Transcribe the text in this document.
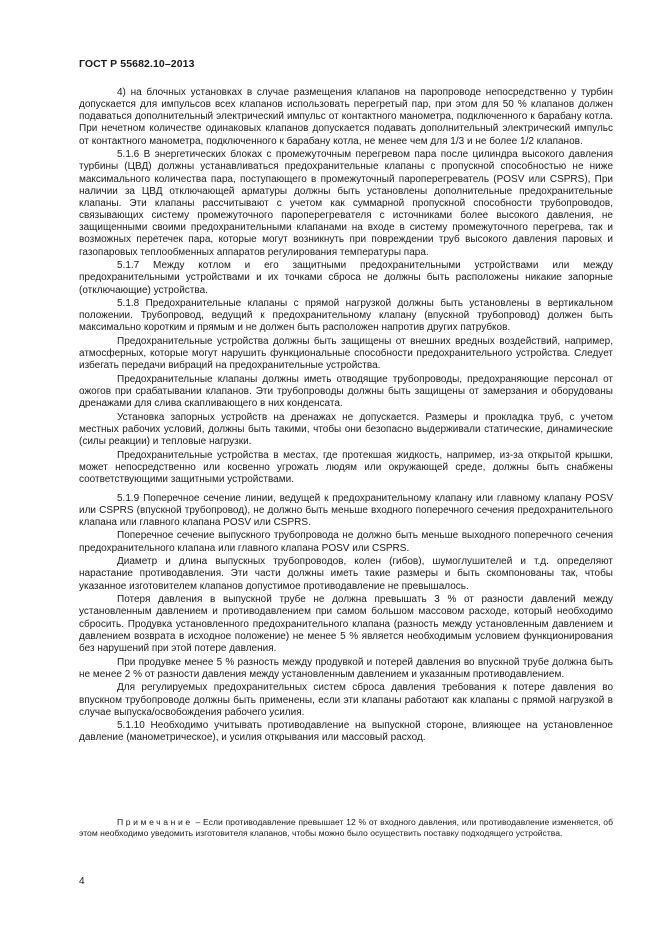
ГОСТ Р 55682.10–2013

4) на блочных установках в случае размещения клапанов на паропроводе непосредственно у турбин допускается для импульсов всех клапанов использовать перегретый пар, при этом для 50 % клапанов должен подаваться дополнительный электрический импульс от контактного манометра, подключенного к барабану котла. При нечетном количестве одинаковых клапанов допускается подавать дополнительный электрический импульс от контактного манометра, подключенного к барабану котла, не менее чем для 1/3 и не более 1/2 клапанов.

5.1.6 В энергетических блоках с промежуточным перегревом пара после цилиндра высокого давления турбины (ЦВД) должны устанавливаться предохранительные клапаны с пропускной способностью не ниже максимального количества пара, поступающего в промежуточный пароперегреватель (POSV или CSPRS), При наличии за ЦВД отключающей арматуры должны быть установлены дополнительные предохранительные клапаны. Эти клапаны рассчитывают с учетом как суммарной пропускной способности трубопроводов, связывающих систему промежуточного пароперегревателя с источниками более высокого давления, не защищенными своими предохранительными клапанами на входе в систему промежуточного перегрева, так и возможных перетечек пара, которые могут возникнуть при повреждении труб высокого давления паровых и газопаровых теплообменных аппаратов регулирования температуры пара.

5.1.7 Между котлом и его защитными предохранительными устройствами или между предохранительными устройствами и их точками сброса не должны быть расположены никакие запорные (отключающие) устройства.

5.1.8 Предохранительные клапаны с прямой нагрузкой должны быть установлены в вертикальном положении. Трубопровод, ведущий к предохранительному клапану (впускной трубопровод) должен быть максимально коротким и прямым и не должен быть расположен напротив других патрубков.

Предохранительные устройства должны быть защищены от внешних вредных воздействий, например, атмосферных, которые могут нарушить функциональные способности предохранительного устройства. Следует избегать передачи вибраций на предохранительные устройства.

Предохранительные клапаны должны иметь отводящие трубопроводы, предохраняющие персонал от ожогов при срабатывании клапанов. Эти трубопроводы должны быть защищены от замерзания и оборудованы дренажами для слива скапливающего в них конденсата.

Установка запорных устройств на дренажах не допускается. Размеры и прокладка труб, с учетом местных рабочих условий, должны быть такими, чтобы они безопасно выдерживали статические, динамические (силы реакции) и тепловые нагрузки.

Предохранительные устройства в местах, где протекшая жидкость, например, из-за открытой крышки, может непосредственно или косвенно угрожать людям или окружающей среде, должны быть снабжены соответствующими защитными устройствами.

5.1.9 Поперечное сечение линии, ведущей к предохранительному клапану или главному клапану POSV или CSPRS (впускной трубопровод), не должно быть меньше входного поперечного сечения предохранительного клапана или главного клапана POSV или CSPRS.

Поперечное сечение выпускного трубопровода не должно быть меньше выходного поперечного сечения предохранительного клапана или главного клапана POSV или CSPRS.

Диаметр и длина выпускных трубопроводов, колен (гибов), шумоглушителей и т.д. определяют нарастание противодавления. Эти части должны иметь такие размеры и быть скомпонованы так, чтобы указанное изготовителем клапанов допустимое противодавление не превышалось.

Потеря давления в выпускной трубе не должна превышать 3 % от разности давлений между установленным давлением и противодавлением при самом большом массовом расходе, который необходимо сбросить. Продувка установленного предохранительного клапана (разность между установленным давлением и давлением возврата в исходное положение) не менее 5 % является необходимым условием функционирования без нарушений при этой потере давления.

При продувке менее 5 % разность между продувкой и потерей давления во впускной трубе должна быть не менее 2 % от разности давления между установленным давлением и указанным противодавлением.

Для регулируемых предохранительных систем сброса давления требования к потере давления во впускном трубопроводе должны быть применены, если эти клапаны работают как клапаны с прямой нагрузкой в случае выпуска/освобождения рабочего усилия.

5.1.10 Необходимо учитывать противодавление на выпускной стороне, влияющее на установленное давление (манометрическое), и усилия открывания или массовый расход.

Примечание – Если противодавление превышает 12 % от входного давления, или противодавление изменяется, об этом необходимо уведомить изготовителя клапанов, чтобы можно было осуществить поставку подходящего устройства.
4
